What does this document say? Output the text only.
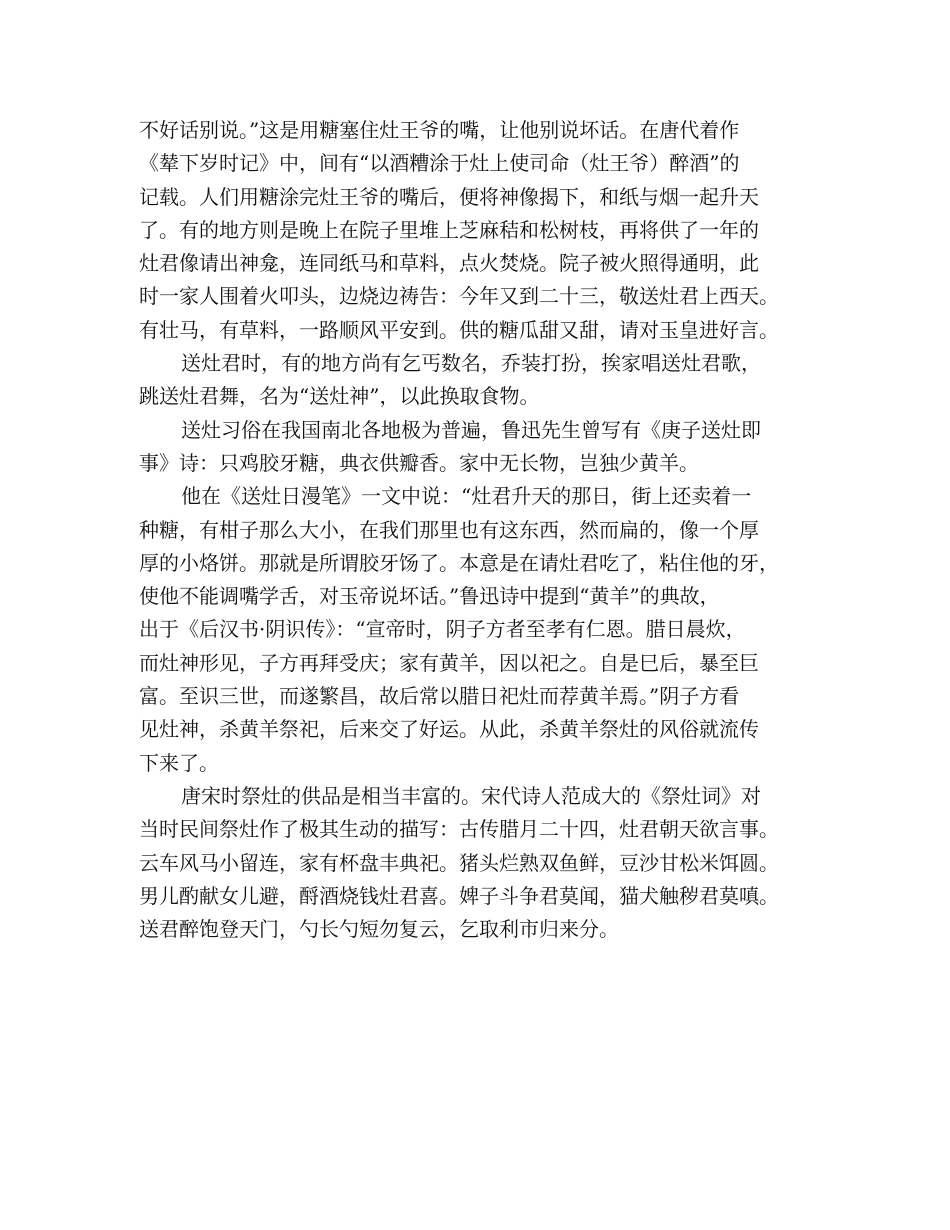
不好话别说。”这是用糖塞住灶王爷的嘴，让他别说坏话。在唐代着作
《辇下岁时记》中，间有“以酒糟涂于灶上使司命（灶王爷）醉酒”的
记载。人们用糖涂完灶王爷的嘴后，便将神像揭下，和纸与烟一起升天
了。有的地方则是晚上在院子里堆上芝麻秸和松树枝，再将供了一年的
灶君像请出神龛，连同纸马和草料，点火焚烧。院子被火照得通明，此
时一家人围着火叩头，边烧边祷告：今年又到二十三，敬送灶君上西天。
有壮马，有草料，一路顺风平安到。供的糖瓜甜又甜，请对玉皇进好言。
送灶君时，有的地方尚有乞丐数名，乔装打扮，挨家唱送灶君歌，
跳送灶君舞，名为“送灶神”，以此换取食物。
送灶习俗在我国南北各地极为普遍，鲁迅先生曾写有《庚子送灶即
事》诗：只鸡胶牙糖，典衣供瓣香。家中无长物，岂独少黄羊。
他在《送灶日漫笔》一文中说：“灶君升天的那日，街上还卖着一
种糖，有柑子那么大小，在我们那里也有这东西，然而扁的，像一个厚
厚的小烙饼。那就是所谓胶牙饧了。本意是在请灶君吃了，粘住他的牙，
使他不能调嘴学舌，对玉帝说坏话。”鲁迅诗中提到“黄羊”的典故，
出于《后汉书·阴识传》：“宣帝时，阴子方者至孝有仁恩。腊日晨炊，
而灶神形见，子方再拜受庆；家有黄羊，因以祀之。自是巳后，暴至巨
富。至识三世，而遂繁昌，故后常以腊日祀灶而荐黄羊焉。”阴子方看
见灶神，杀黄羊祭祀，后来交了好运。从此，杀黄羊祭灶的风俗就流传
下来了。
唐宋时祭灶的供品是相当丰富的。宋代诗人范成大的《祭灶词》对
当时民间祭灶作了极其生动的描写：古传腊月二十四，灶君朝天欲言事。
云车风马小留连，家有杯盘丰典祀。猪头烂熟双鱼鲜，豆沙甘松米饵圆。
男儿酌献女儿避，酹酒烧钱灶君喜。婢子斗争君莫闻，猫犬触秽君莫嗔。
送君醉饱登天门，勺长勺短勿复云，乞取利市归来分。
